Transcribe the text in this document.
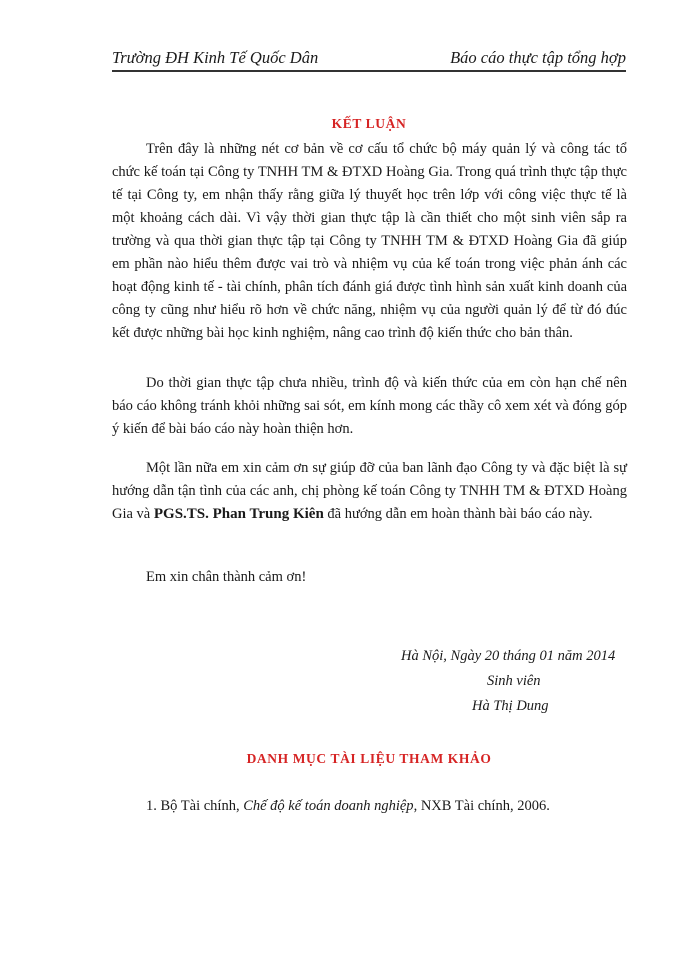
Trường ĐH Kinh Tế Quốc Dân	Báo cáo thực tập tổng hợp
KẾT LUẬN

Trên đây là những nét cơ bản về cơ cấu tổ chức bộ máy quản lý và công tác tổ chức kế toán tại Công ty TNHH TM & ĐTXD Hoàng Gia. Trong quá trình thực tập thực tế tại Công ty, em nhận thấy rằng giữa lý thuyết học trên lớp với công việc thực tế là một khoảng cách dài. Vì vậy thời gian thực tập là cần thiết cho một sinh viên sắp ra trường và qua thời gian thực tập tại Công ty TNHH TM & ĐTXD Hoàng Gia đã giúp em phần nào hiểu thêm được vai trò và nhiệm vụ của kế toán trong việc phản ánh các hoạt động kinh tế - tài chính, phân tích đánh giá được tình hình sản xuất kinh doanh của công ty cũng như hiểu rõ hơn về chức năng, nhiệm vụ của người quản lý để từ đó đúc kết được những bài học kinh nghiệm, nâng cao trình độ kiến thức cho bản thân.

Do thời gian thực tập chưa nhiều, trình độ và kiến thức của em còn hạn chế nên báo cáo không tránh khỏi những sai sót, em kính mong các thầy cô xem xét và đóng góp ý kiến để bài báo cáo này hoàn thiện hơn.

Một lần nữa em xin cảm ơn sự giúp đỡ của ban lãnh đạo Công ty và đặc biệt là sự hướng dẫn tận tình của các anh, chị phòng kế toán Công ty TNHH TM & ĐTXD Hoàng Gia và PGS.TS. Phan Trung Kiên đã hướng dẫn em hoàn thành bài báo cáo này.

Em xin chân thành cảm ơn!
Hà Nội, Ngày 20 tháng 01 năm 2014
Sinh viên
Hà Thị Dung
DANH MỤC TÀI LIỆU THAM KHẢO
1. Bộ Tài chính, Chế độ kế toán doanh nghiệp, NXB Tài chính, 2006.
